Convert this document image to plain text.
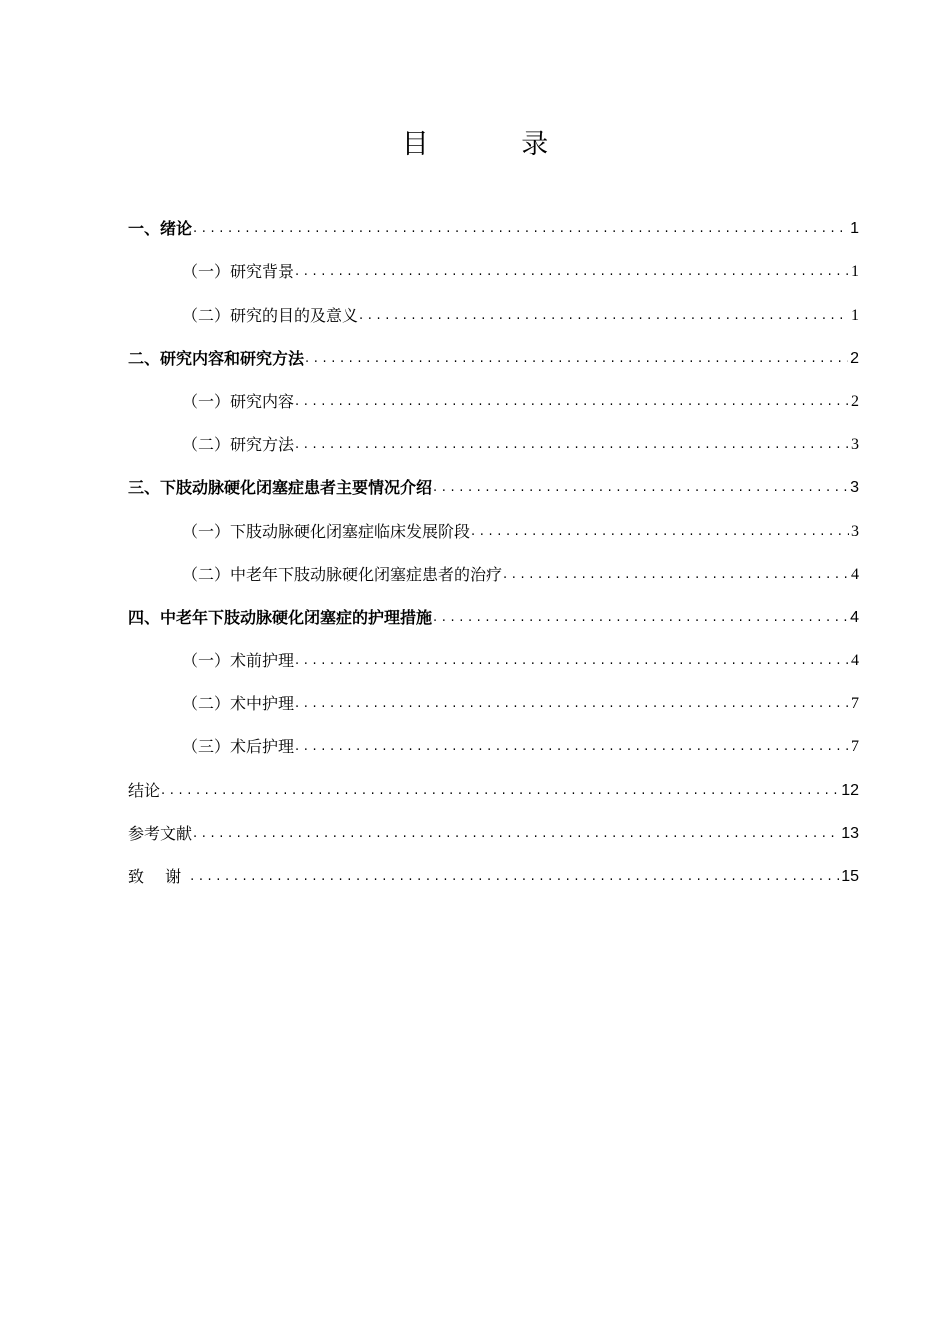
目 录
一、绪论 .....	1
（一）研究背景 .....	1
（二）研究的目的及意义 .....	1
二、研究内容和研究方法 .....	2
（一）研究内容 .....	2
（二）研究方法 .....	3
三、下肢动脉硬化闭塞症患者主要情况介绍 .....	3
（一）下肢动脉硬化闭塞症临床发展阶段 .....	3
（二）中老年下肢动脉硬化闭塞症患者的治疗 .....	4
四、中老年下肢动脉硬化闭塞症的护理措施 .....	4
（一）术前护理 .....	4
（二）术中护理 .....	7
（三）术后护理 .....	7
结论 .....	12
参考文献 .....	13
致 谢 .....	15
